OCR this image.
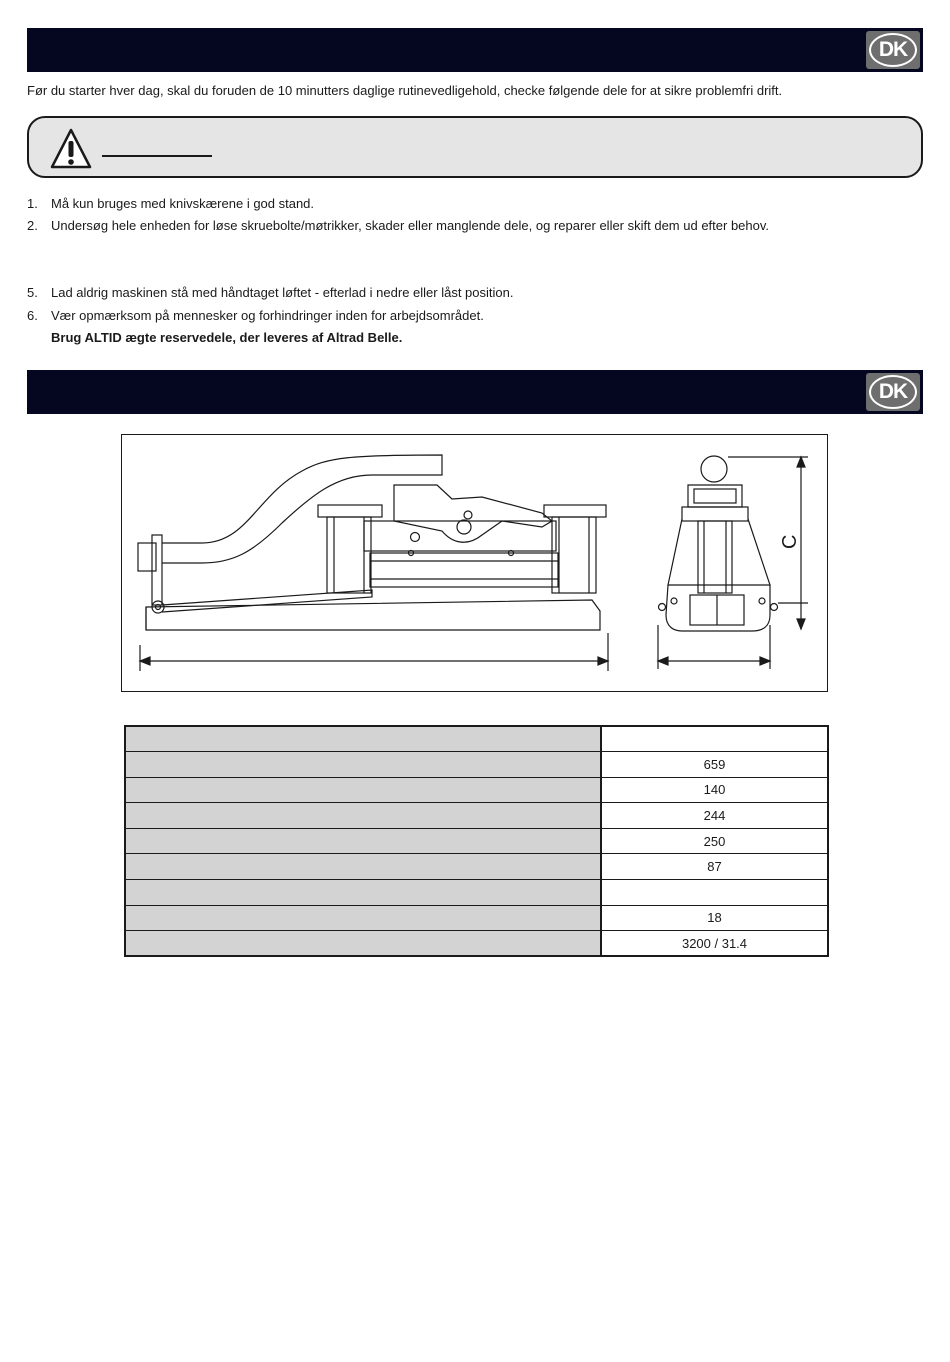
DK
Før du starter hver dag, skal du foruden de 10 minutters daglige rutinevedligehold, checke følgende dele for at sikre problemfri drift.
1. Må kun bruges med knivskærene i god stand.
2. Undersøg hele enheden for løse skruebolte/møtrikker, skader eller manglende dele, og reparer eller skift dem ud efter behov.
5. Lad aldrig maskinen stå med håndtaget løftet - efterlad i nedre eller låst position.
6. Vær opmærksom på mennesker og forhindringer inden for arbejdsområdet.
Brug ALTID ægte reservedele, der leveres af Altrad Belle.
DK
C

	659
	140
	244
	250
	87

	18
	3200 / 31.4
